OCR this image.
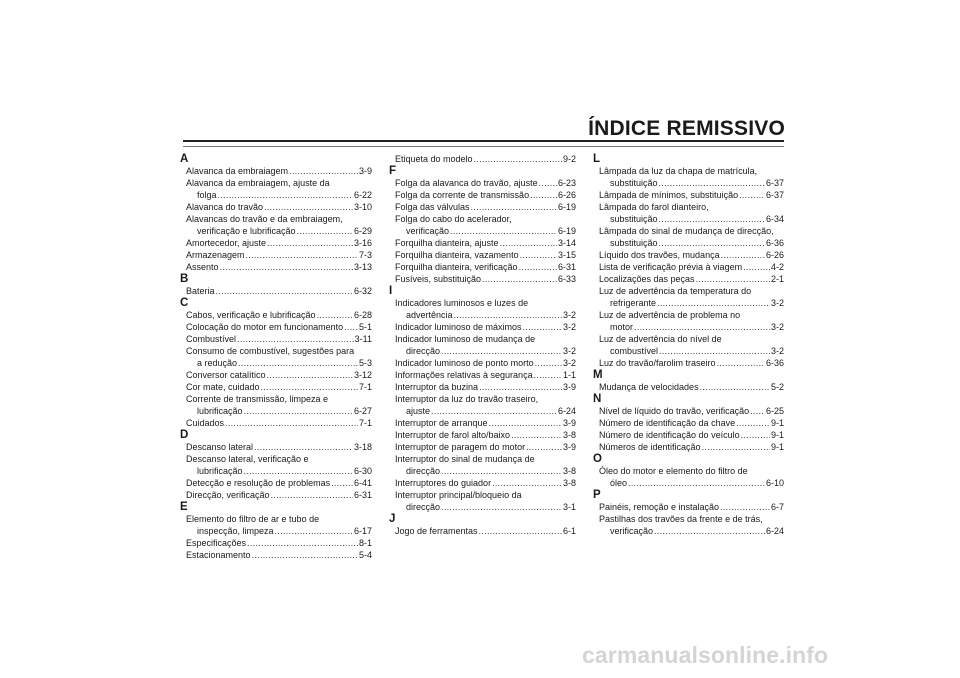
ÍNDICE REMISSIVO
A
Alavanca da embraiagem .....	3-9
Alavanca da embraiagem, ajuste da
folga .....	6-22
Alavanca do travão .....	3-10
Alavancas do travão e da embraiagem,
verificação e lubrificação .....	6-29
Amortecedor, ajuste .....	3-16
Armazenagem .....	7-3
Assento .....	3-13
B
Bateria .....	6-32
C
Cabos, verificação e lubrificação .....	6-28
Colocação do motor em funcionamento ..... 5-1
Combustível .....	3-11
Consumo de combustível, sugestões para
a redução .....	5-3
Conversor catalítico .....	3-12
Cor mate, cuidado .....	7-1
Corrente de transmissão, limpeza e
lubrificação .....	6-27
Cuidados .....	7-1
D
Descanso lateral .....	3-18
Descanso lateral, verificação e
lubrificação .....	6-30
Detecção e resolução de problemas .....	6-41
Direcção, verificação .....	6-31
E
Elemento do filtro de ar e tubo de
inspecção, limpeza .....	6-17
Especificações .....	8-1
Estacionamento .....	5-4
Etiqueta do modelo .....	9-2
F
Folga da alavanca do travão, ajuste ..... 6-23
Folga da corrente de transmissão .....	6-26
Folga das válvulas .....	6-19
Folga do cabo do acelerador,
verificação .....	6-19
Forquilha dianteira, ajuste .....	3-14
Forquilha dianteira, vazamento .....	3-15
Forquilha dianteira, verificação .....	6-31
Fusíveis, substituição .....	6-33
I
Indicadores luminosos e luzes de
advertência .....	3-2
Indicador luminoso de máximos .....	3-2
Indicador luminoso de mudança de
direcção .....	3-2
Indicador luminoso de ponto morto .....	3-2
Informações relativas à segurança .....	1-1
Interruptor da buzina .....	3-9
Interruptor da luz do travão traseiro,
ajuste .....	6-24
Interruptor de arranque .....	3-9
Interruptor de farol alto/baixo .....	3-8
Interruptor de paragem do motor .....	3-9
Interruptor do sinal de mudança de
direcção .....	3-8
Interruptores do guiador .....	3-8
Interruptor principal/bloqueio da
direcção .....	3-1
J
Jogo de ferramentas .....	6-1
L
Lâmpada da luz da chapa de matrícula,
substituição .....	6-37
Lâmpada de mínimos, substituição .....	6-37
Lâmpada do farol dianteiro,
substituição .....	6-34
Lâmpada do sinal de mudança de direcção,
substituição .....	6-36
Líquido dos travões, mudança .....	6-26
Lista de verificação prévia à viagem .....	4-2
Localizações das peças .....	2-1
Luz de advertência da temperatura do
refrigerante .....	3-2
Luz de advertência de problema no
motor .....	3-2
Luz de advertência do nível de
combustível .....	3-2
Luz do travão/farolim traseiro .....	6-36
M
Mudança de velocidades .....	5-2
N
Nível de líquido do travão, verificação ..... 6-25
Número de identificação da chave .....	9-1
Número de identificação do veículo .....	9-1
Números de identificação .....	9-1
O
Óleo do motor e elemento do filtro de
óleo .....	6-10
P
Painéis, remoção e instalação .....	6-7
Pastilhas dos travões da frente e de trás,
verificação .....	6-24
carmanualsonline.info
